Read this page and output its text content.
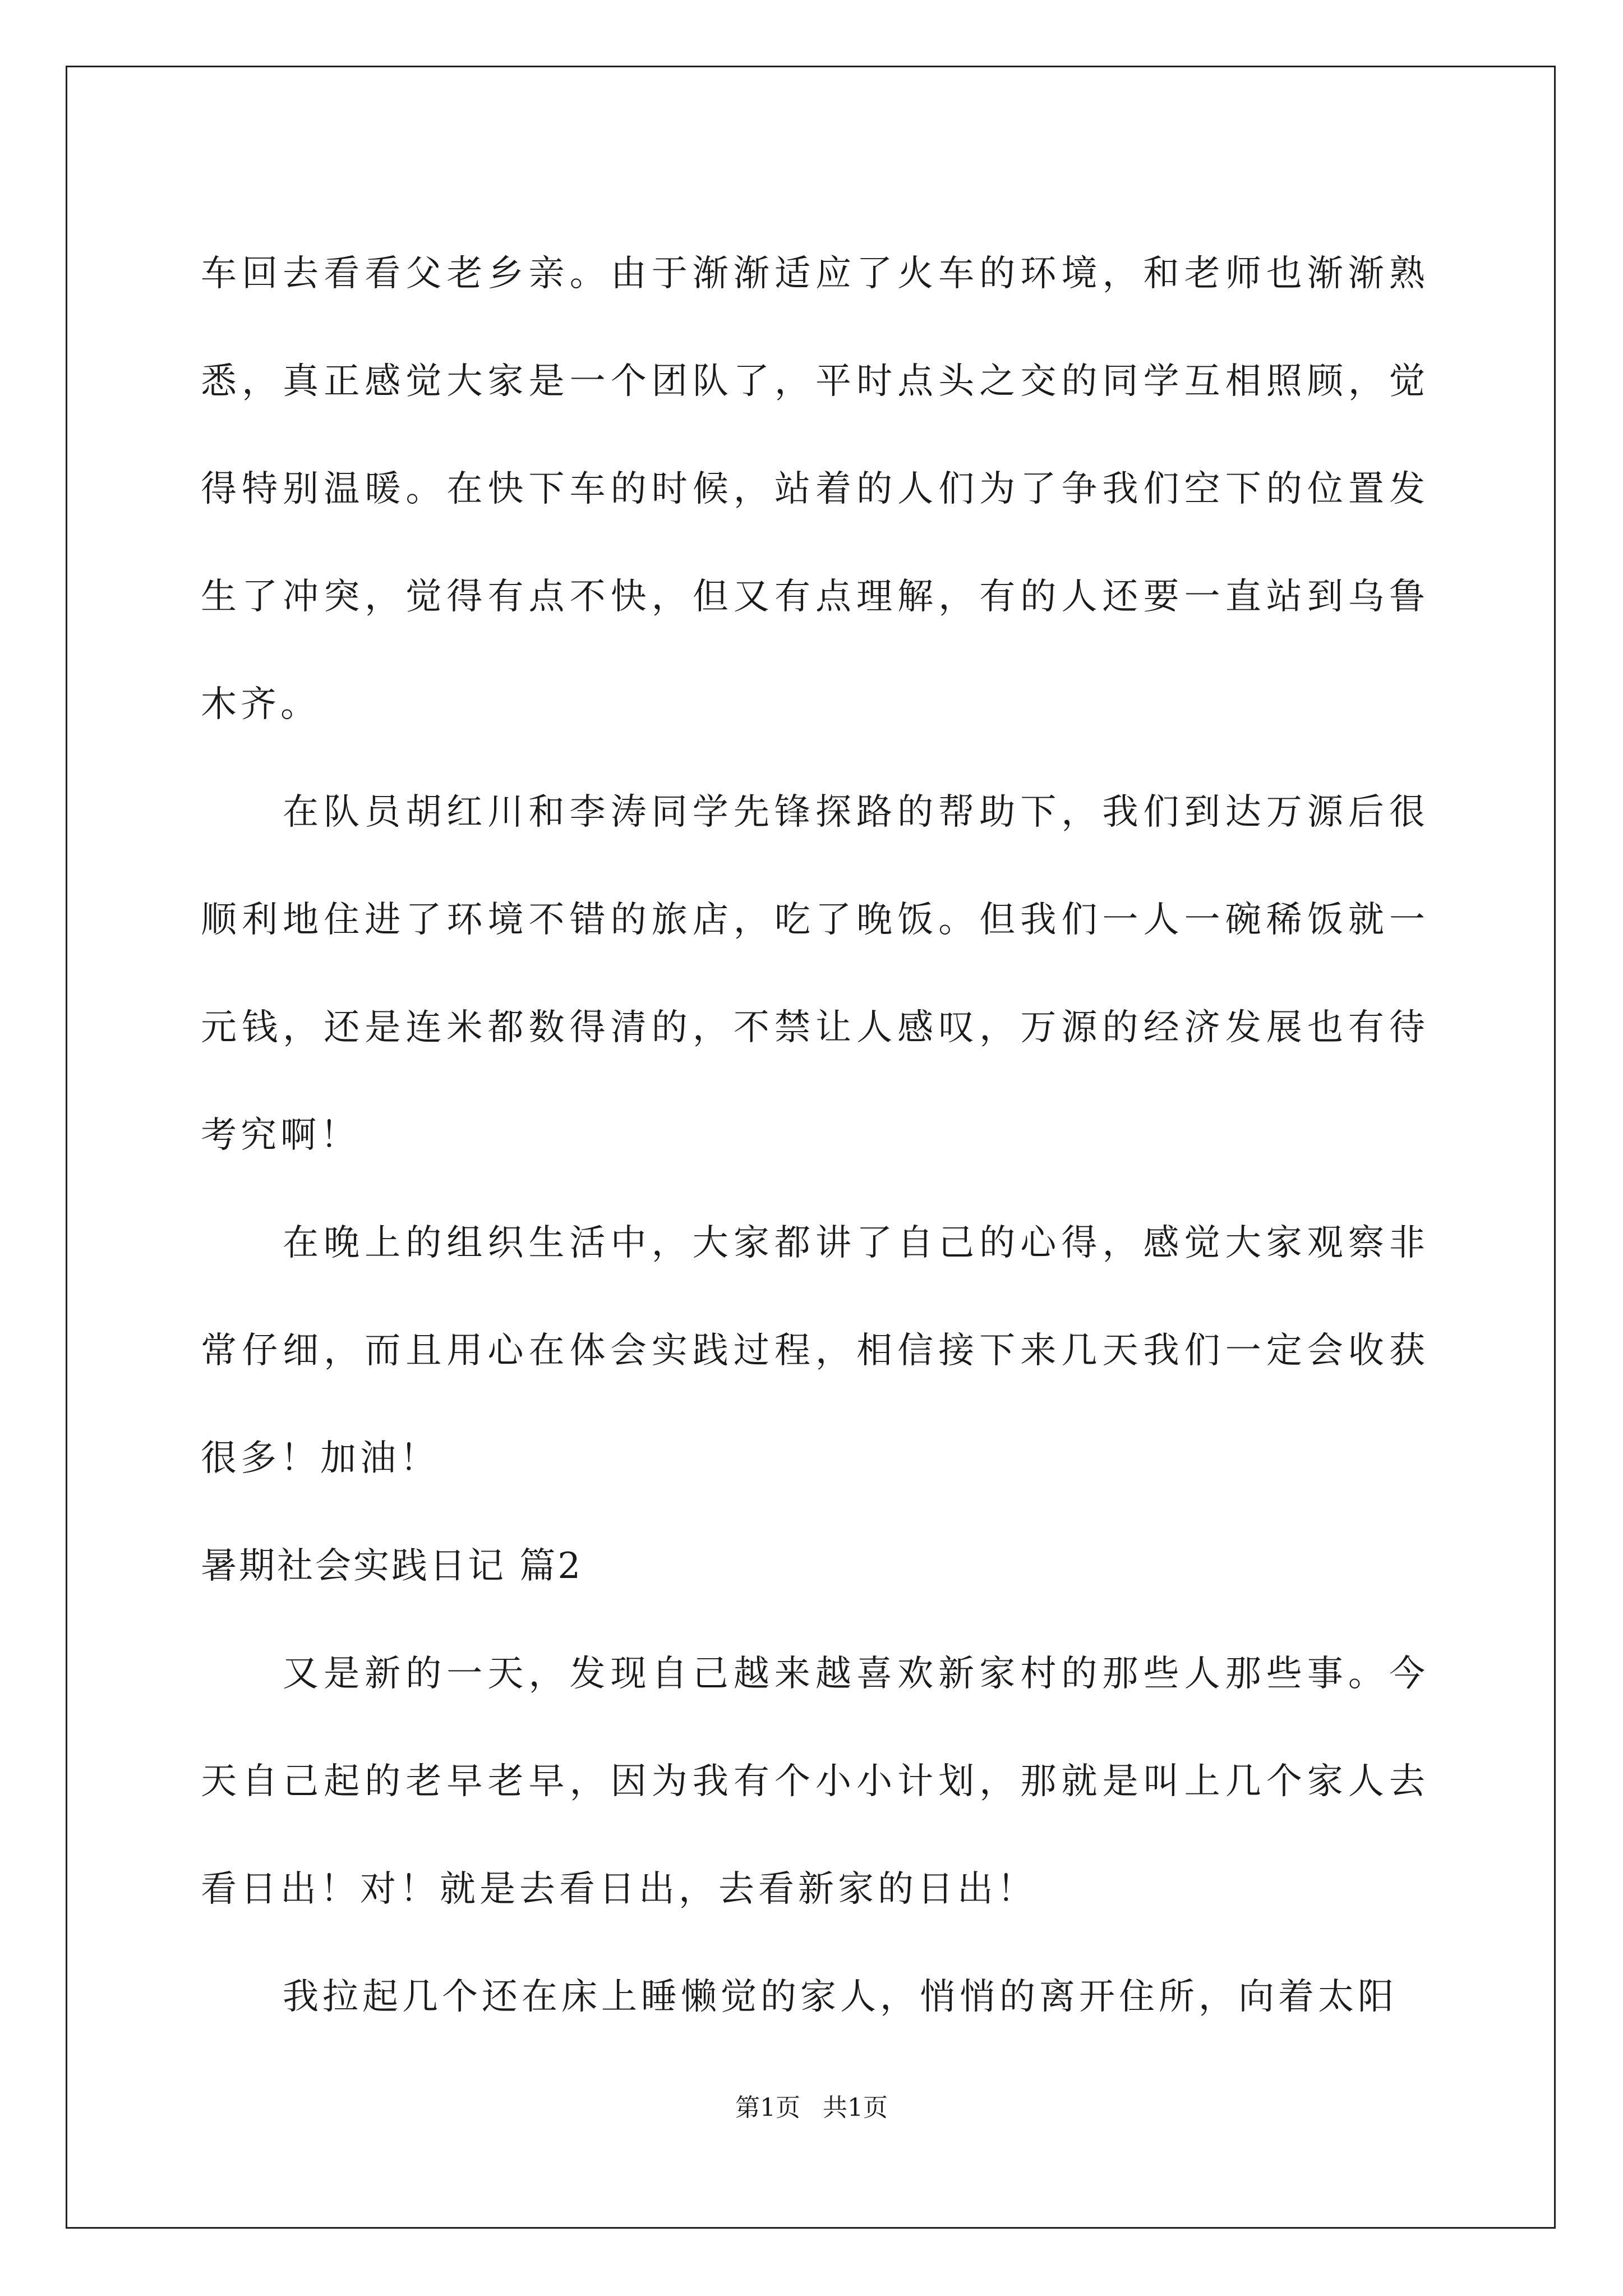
车回去看看父老乡亲。由于渐渐适应了火车的环境，和老师也渐渐熟悉，真正感觉大家是一个团队了，平时点头之交的同学互相照顾，觉得特别温暖。在快下车的时候，站着的人们为了争我们空下的位置发生了冲突，觉得有点不快，但又有点理解，有的人还要一直站到乌鲁木齐。

在队员胡红川和李涛同学先锋探路的帮助下，我们到达万源后很顺利地住进了环境不错的旅店，吃了晚饭。但我们一人一碗稀饭就一元钱，还是连米都数得清的，不禁让人感叹，万源的经济发展也有待考究啊！

在晚上的组织生活中，大家都讲了自己的心得，感觉大家观察非常仔细，而且用心在体会实践过程，相信接下来几天我们一定会收获很多！加油！

暑期社会实践日记 篇2

又是新的一天，发现自己越来越喜欢新家村的那些人那些事。今天自己起的老早老早，因为我有个小小计划，那就是叫上几个家人去看日出！对！就是去看日出，去看新家的日出！

我拉起几个还在床上睡懒觉的家人，悄悄的离开住所，向着太阳

第1页 共1页
